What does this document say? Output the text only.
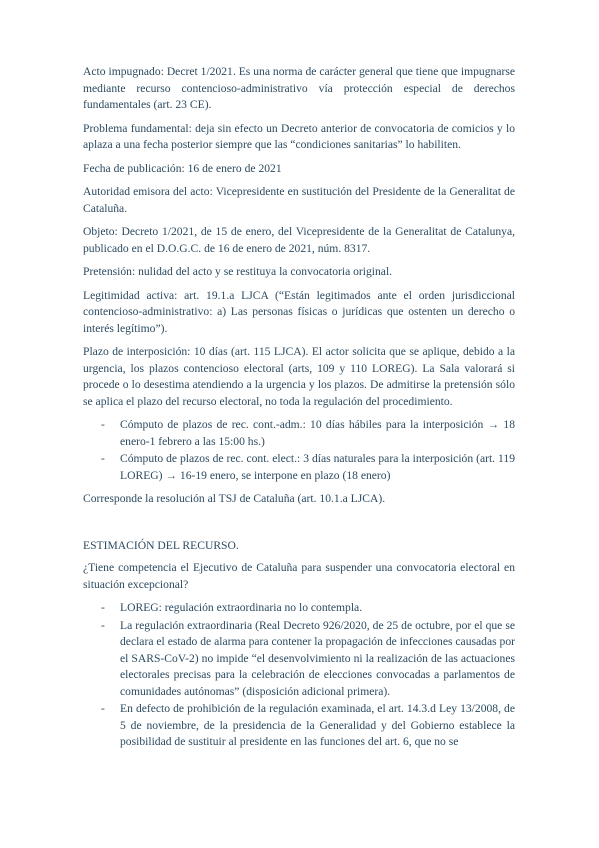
Acto impugnado: Decret 1/2021. Es una norma de carácter general que tiene que impugnarse mediante recurso contencioso-administrativo vía protección especial de derechos fundamentales (art. 23 CE).

Problema fundamental: deja sin efecto un Decreto anterior de convocatoria de comicios y lo aplaza a una fecha posterior siempre que las “condiciones sanitarias” lo habiliten.

Fecha de publicación: 16 de enero de 2021

Autoridad emisora del acto: Vicepresidente en sustitución del Presidente de la Generalitat de Cataluña.

Objeto: Decreto 1/2021, de 15 de enero, del Vicepresidente de la Generalitat de Catalunya, publicado en el D.O.G.C. de 16 de enero de 2021, núm. 8317.

Pretensión: nulidad del acto y se restituya la convocatoria original.

Legitimidad activa: art. 19.1.a LJCA (“Están legitimados ante el orden jurisdiccional contencioso-administrativo: a) Las personas físicas o jurídicas que ostenten un derecho o interés legítimo”).

Plazo de interposición: 10 días (art. 115 LJCA). El actor solicita que se aplique, debido a la urgencia, los plazos contencioso electoral (arts, 109 y 110 LOREG). La Sala valorará si procede o lo desestima atendiendo a la urgencia y los plazos. De admitirse la pretensión sólo se aplica el plazo del recurso electoral, no toda la regulación del procedimiento.

- Cómputo de plazos de rec. cont.-adm.: 10 días hábiles para la interposición → 18 enero-1 febrero a las 15:00 hs.)
- Cómputo de plazos de rec. cont. elect.: 3 días naturales para la interposición (art. 119 LOREG) → 16-19 enero, se interpone en plazo (18 enero)

Corresponde la resolución al TSJ de Cataluña (art. 10.1.a LJCA).

ESTIMACIÓN DEL RECURSO.

¿Tiene competencia el Ejecutivo de Cataluña para suspender una convocatoria electoral en situación excepcional?

- LOREG: regulación extraordinaria no lo contempla.
- La regulación extraordinaria (Real Decreto 926/2020, de 25 de octubre, por el que se declara el estado de alarma para contener la propagación de infecciones causadas por el SARS-CoV-2) no impide “el desenvolvimiento ni la realización de las actuaciones electorales precisas para la celebración de elecciones convocadas a parlamentos de comunidades autónomas” (disposición adicional primera).
- En defecto de prohibición de la regulación examinada, el art. 14.3.d Ley 13/2008, de 5 de noviembre, de la presidencia de la Generalidad y del Gobierno establece la posibilidad de sustituir al presidente en las funciones del art. 6, que no se
